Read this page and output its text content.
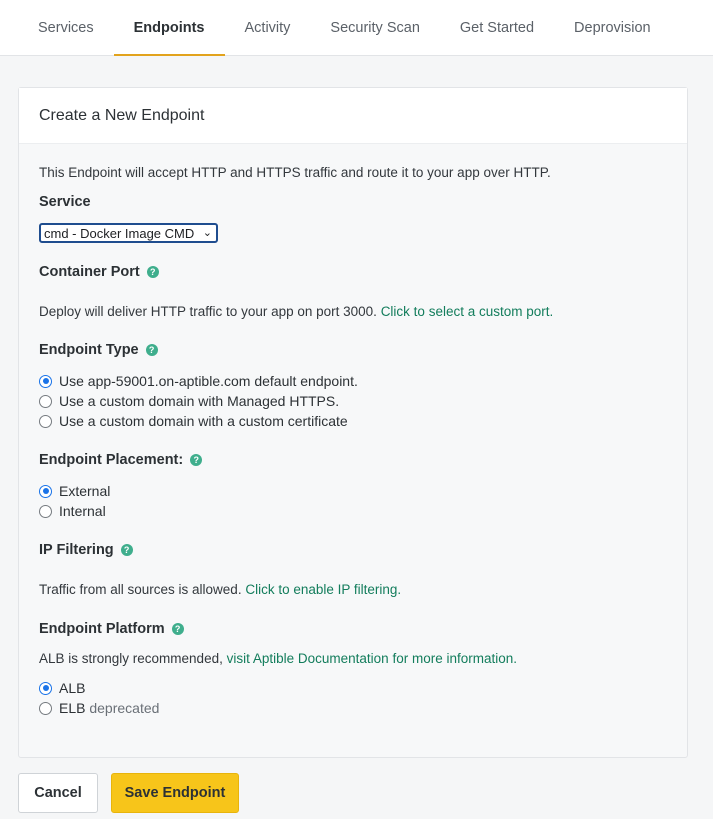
Services	Endpoints	Activity	Security Scan	Get Started	Deprovision
Create a New Endpoint
This Endpoint will accept HTTP and HTTPS traffic and route it to your app over HTTP.
Service
cmd - Docker Image CMD ⌄
Container Port	?
Deploy will deliver HTTP traffic to your app on port 3000. Click to select a custom port.
Endpoint Type	?
Use app-59001.on-aptible.com default endpoint.
Use a custom domain with Managed HTTPS.
Use a custom domain with a custom certificate
Endpoint Placement:	?
External
Internal
IP Filtering	?
Traffic from all sources is allowed. Click to enable IP filtering.
Endpoint Platform	?
ALB is strongly recommended, visit Aptible Documentation for more information.
ALB
ELB
deprecated
Cancel	Save Endpoint
